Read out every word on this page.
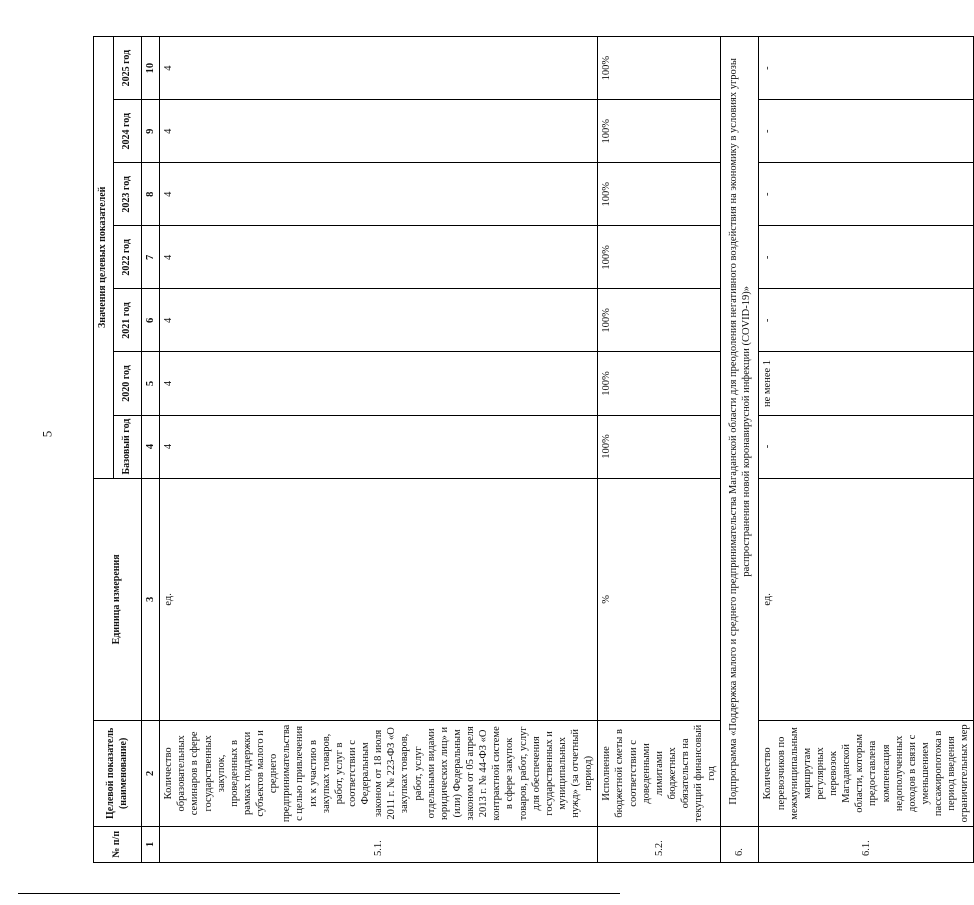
5
№ п/п	Целевой показатель (наименование)	Единица измерения	Значения целевых показателей						
			Базовый год	2020 год	2021 год	2022 год	2023 год	2024 год	2025 год
1	2	3	4	5	6	7	8	9	10
5.1.	Количество образовательных семинаров в сфере государственных закупок, проведенных в рамках поддержки субъектов малого и среднего предпринимательства с целью привлечения их к участию в закупках товаров, работ, услуг в соответствии с Федеральным законом от 18 июля 2011 г. № 223-ФЗ «О закупках товаров, работ, услуг отдельными видами юридических лиц» и (или) Федеральным законом от 05 апреля 2013 г. № 44-ФЗ «О контрактной системе в сфере закупок товаров, работ, услуг для обеспечения государственных и муниципальных нужд» (за отчетный период)	ед.	4	4	4	4	4	4	4
5.2.	Исполнение бюджетной сметы в соответствии с доведенными лимитами бюджетных обязательств на текущий финансовый год	%	100%	100%	100%	100%	100%	100%	100%
6.	Подпрограмма «Поддержка малого и среднего предпринимательства Магаданской области для преодоления негативного воздействия на экономику в условиях угрозы распространения новой коронавирусной инфекции (COVID-19)»								
6.1.	Количество перевозчиков по межмуниципальным маршрутам регулярных перевозок Магаданской области, которым предоставлена компенсация недополученных доходов в связи с уменьшением пассажиропотока в период введения ограничительных мер	ед.	-	не менее 1	-	-	-	-	-
